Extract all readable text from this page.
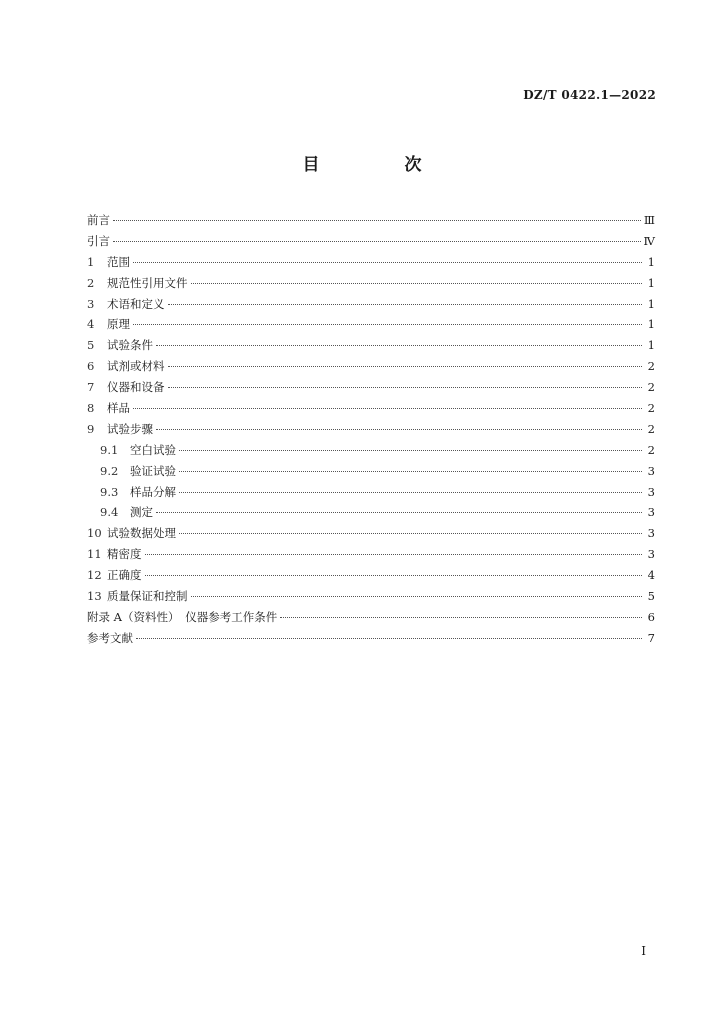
DZ/T 0422.1—2022
目　次
前言	Ⅲ
引言	Ⅳ
1	范围	1
2	规范性引用文件	1
3	术语和定义	1
4	原理	1
5	试验条件	1
6	试剂或材料	2
7	仪器和设备	2
8	样品	2
9	试验步骤	2
9.1	空白试验	2
9.2	验证试验	3
9.3	样品分解	3
9.4	测定	3
10 试验数据处理	3
11 精密度	3
12 正确度	4
13 质量保证和控制	5
附录 A（资料性）　仪器参考工作条件	6
参考文献	7
I
